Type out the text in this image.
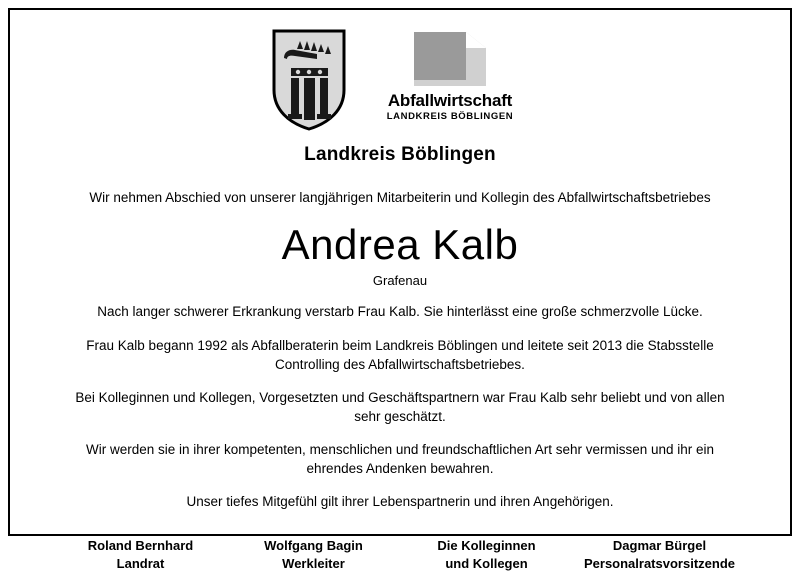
Abfallwirtschaft
LANDKREIS BÖBLINGEN
Landkreis Böblingen
Wir nehmen Abschied von unserer langjährigen Mitarbeiterin und Kollegin des Abfallwirtschaftsbetriebes
Andrea Kalb
Grafenau
Nach langer schwerer Erkrankung verstarb Frau Kalb. Sie hinterlässt eine große schmerzvolle Lücke.
Frau Kalb begann 1992 als Abfallberaterin beim Landkreis Böblingen und leitete seit 2013 die Stabsstelle Controlling des Abfallwirtschaftsbetriebes.
Bei Kolleginnen und Kollegen, Vorgesetzten und Geschäftspartnern war Frau Kalb sehr beliebt und von allen sehr geschätzt.
Wir werden sie in ihrer kompetenten, menschlichen und freundschaftlichen Art sehr vermissen und ihr ein ehrendes Andenken bewahren.
Unser tiefes Mitgefühl gilt ihrer Lebenspartnerin und ihren Angehörigen.
Roland Bernhard
Landrat
Wolfgang Bagin
Werkleiter
Die Kolleginnen
und Kollegen
Dagmar Bürgel
Personalratsvorsitzende
